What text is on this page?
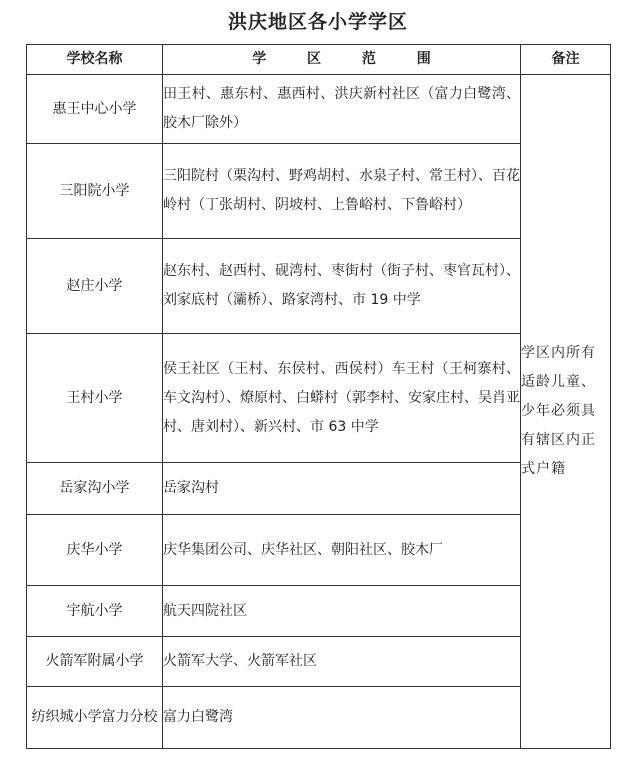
洪庆地区各小学学区
学校名称	学 区 范 围	备注
惠王中心小学	田王村、惠东村、惠西村、洪庆新村社区（富力白鹭湾、胶木厂除外）	学区内所有适龄儿童、少年必须具有辖区内正式户籍
三阳院小学	三阳院村（栗沟村、野鸡胡村、水泉子村、常王村）、百花岭村（丁张胡村、阴坡村、上鲁峪村、下鲁峪村）	
赵庄小学	赵东村、赵西村、砚湾村、枣街村（街子村、枣官瓦村）、刘家底村（灞桥）、路家湾村、市 19 中学	
王村小学	侯王社区（王村、东侯村、西侯村）车王村（王柯寨村、车文沟村）、燎原村、白蟒村（郭李村、安家庄村、吴肖亚村、唐刘村）、新兴村、市 63 中学	
岳家沟小学	岳家沟村	
庆华小学	庆华集团公司、庆华社区、朝阳社区、胶木厂	
宇航小学	航天四院社区	
火箭军附属小学	火箭军大学、火箭军社区	
纺织城小学富力分校	富力白鹭湾	
